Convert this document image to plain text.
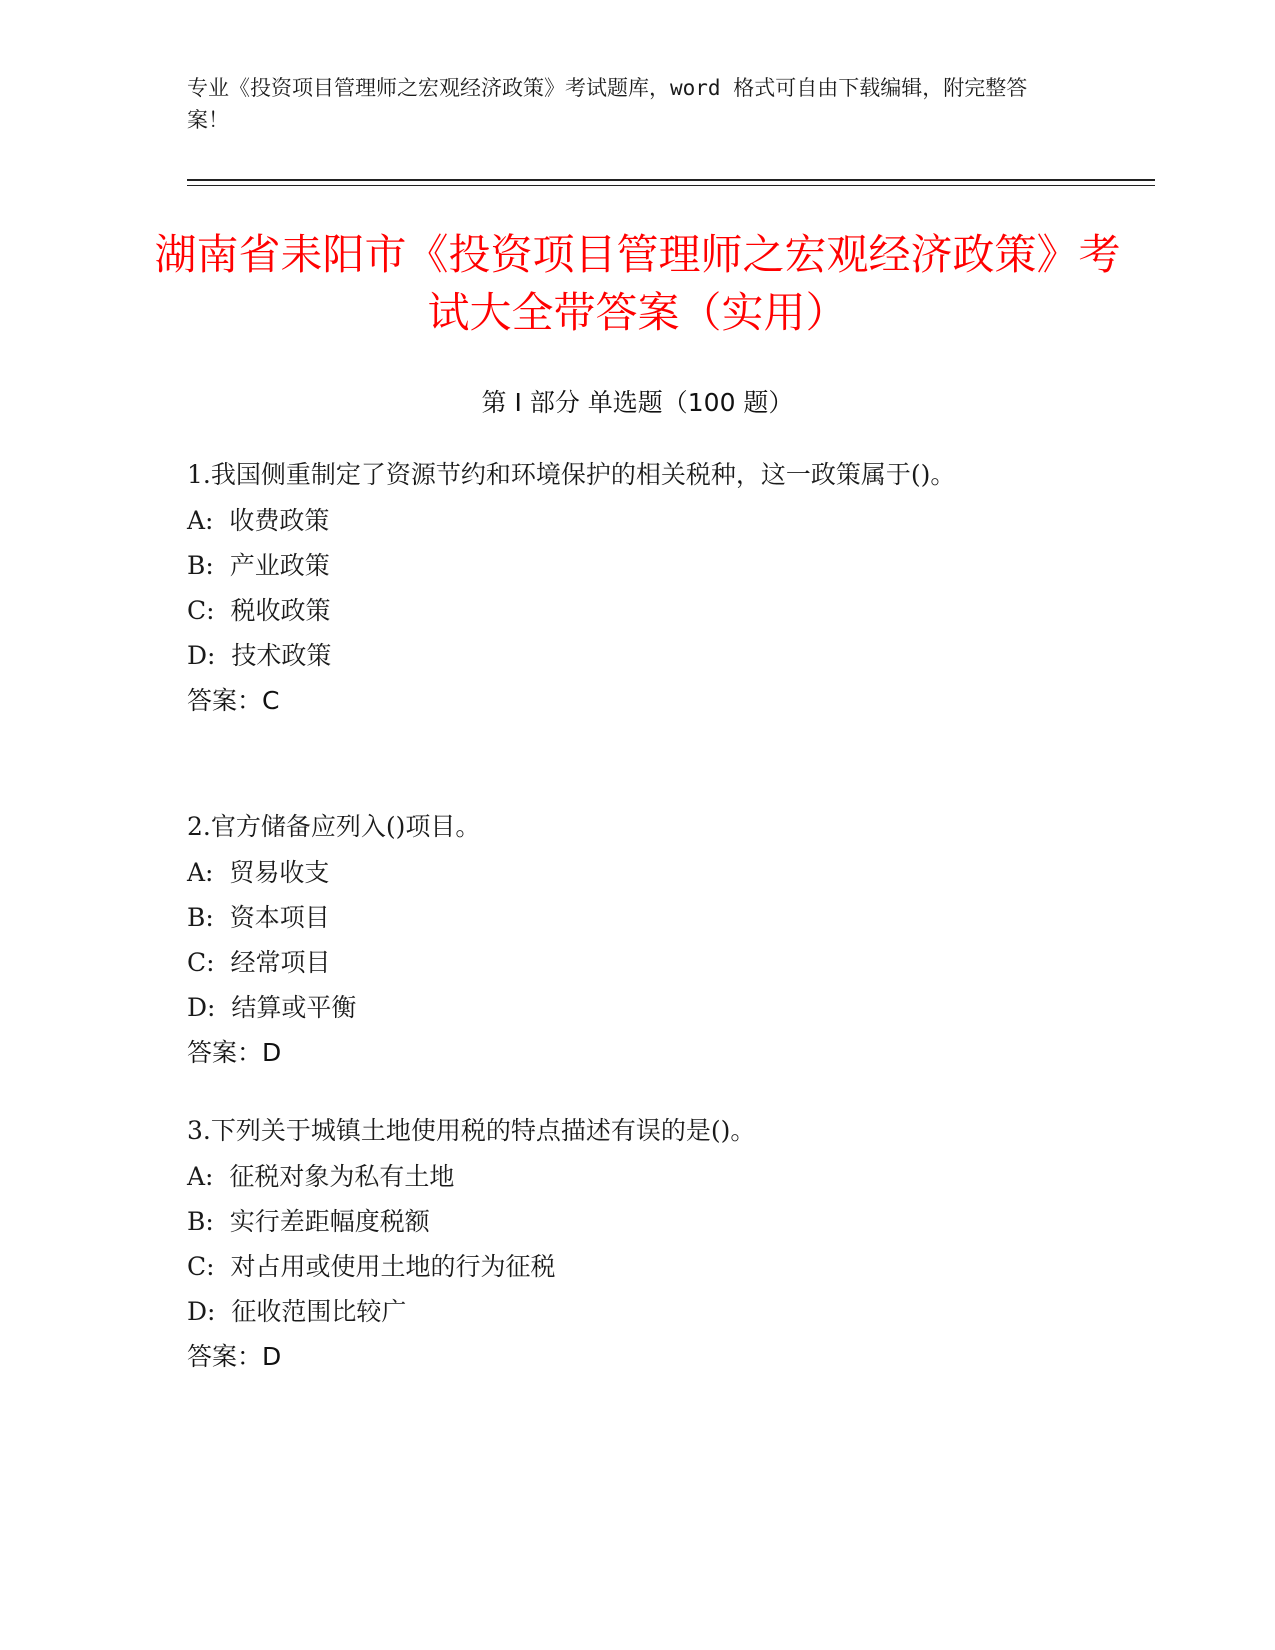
专业《投资项目管理师之宏观经济政策》考试题库，word 格式可自由下载编辑，附完整答案！
湖南省耒阳市《投资项目管理师之宏观经济政策》考试大全带答案（实用）
第 I 部分 单选题（100 题）

1.我国侧重制定了资源节约和环境保护的相关税种，这一政策属于()。

A:  收费政策

B:  产业政策

C:  税收政策

D:  技术政策

答案：C

2.官方储备应列入()项目。

A:  贸易收支

B:  资本项目

C:  经常项目

D:  结算或平衡

答案：D

3.下列关于城镇土地使用税的特点描述有误的是()。

A:  征税对象为私有土地

B:  实行差距幅度税额

C:  对占用或使用土地的行为征税

D:  征收范围比较广

答案：D
